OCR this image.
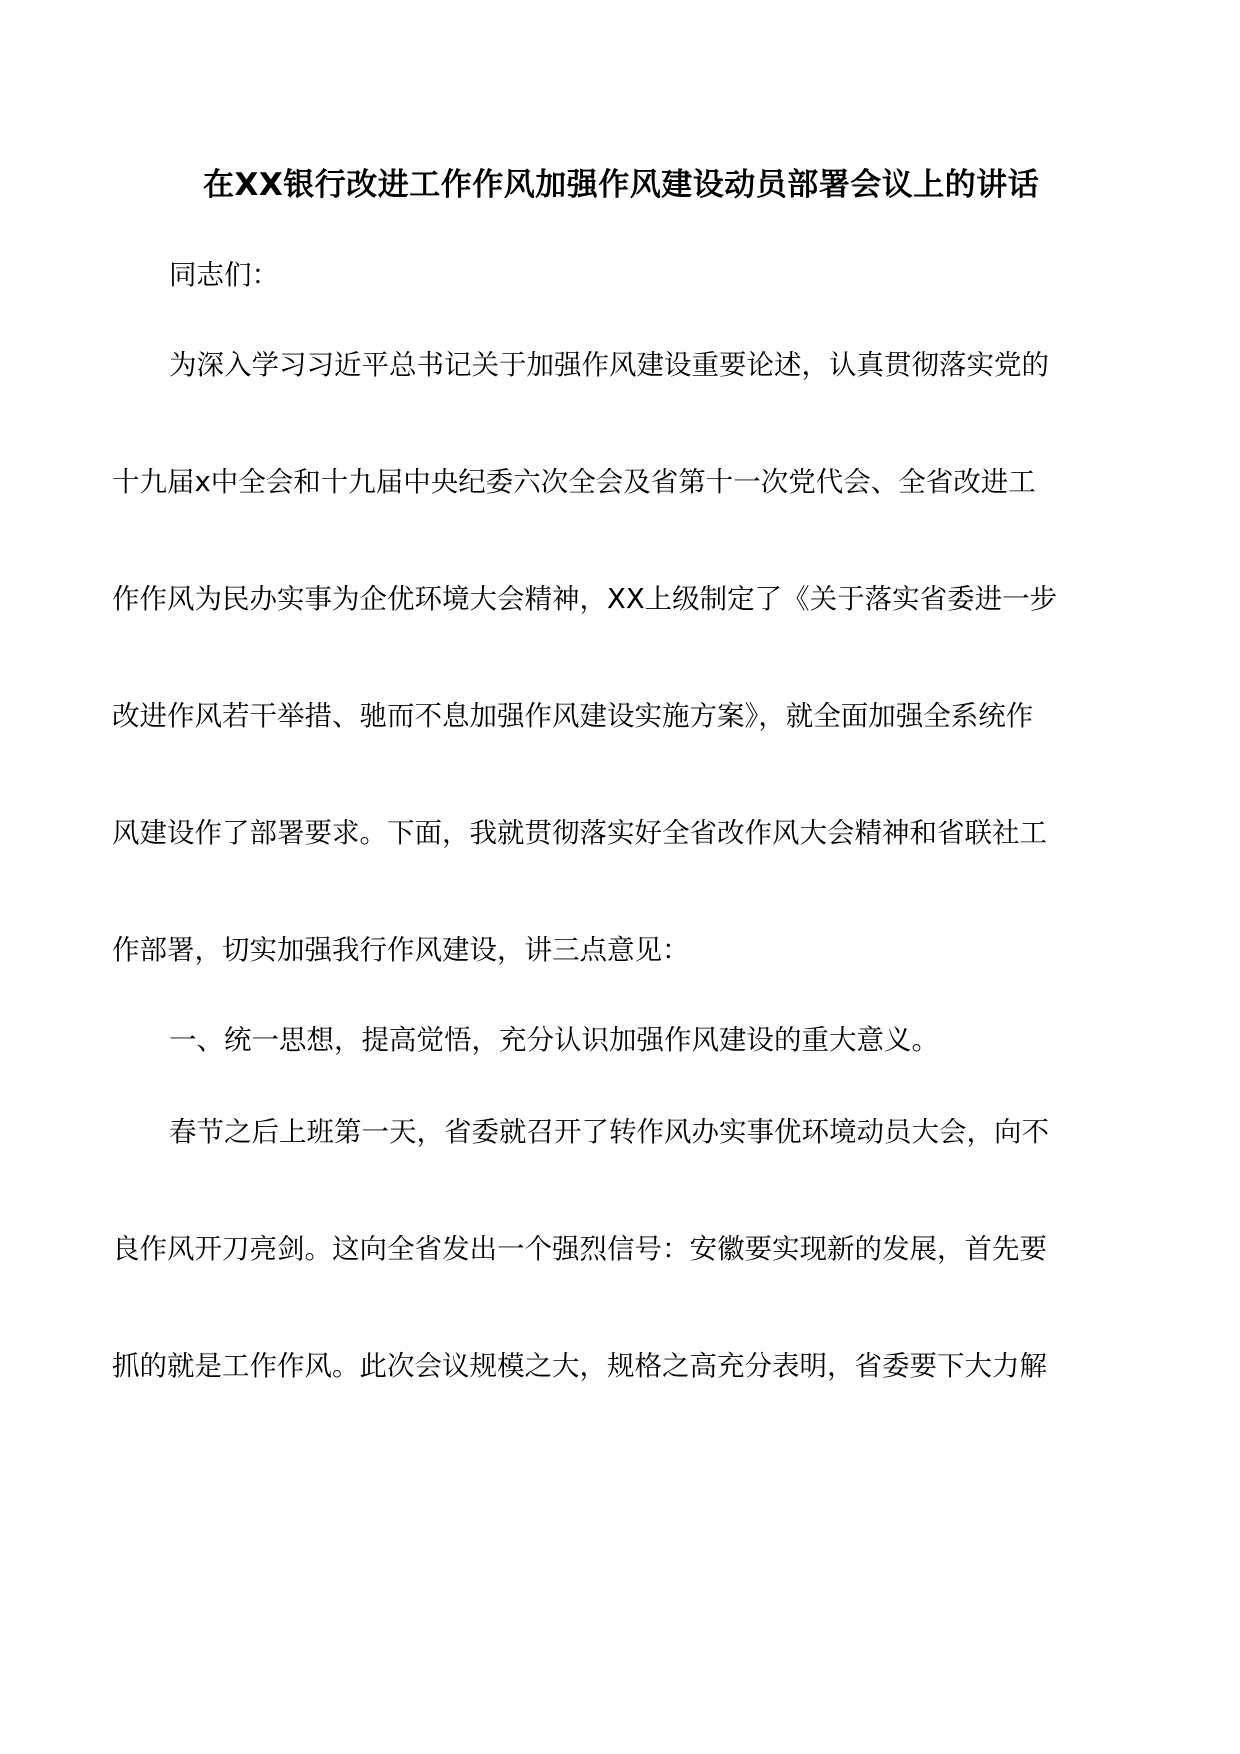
在XX银行改进工作作风加强作风建设动员部署会议上的讲话
同志们：
为深入学习习近平总书记关于加强作风建设重要论述，认真贯彻落实党的
十九届x中全会和十九届中央纪委六次全会及省第十一次党代会、全省改进工
作作风为民办实事为企优环境大会精神，XX上级制定了《关于落实省委进一步
改进作风若干举措、驰而不息加强作风建设实施方案》，就全面加强全系统作
风建设作了部署要求。下面，我就贯彻落实好全省改作风大会精神和省联社工
作部署，切实加强我行作风建设，讲三点意见：
一、统一思想，提高觉悟，充分认识加强作风建设的重大意义。
春节之后上班第一天，省委就召开了转作风办实事优环境动员大会，向不
良作风开刀亮剑。这向全省发出一个强烈信号：安徽要实现新的发展，首先要
抓的就是工作作风。此次会议规模之大，规格之高充分表明，省委要下大力解
